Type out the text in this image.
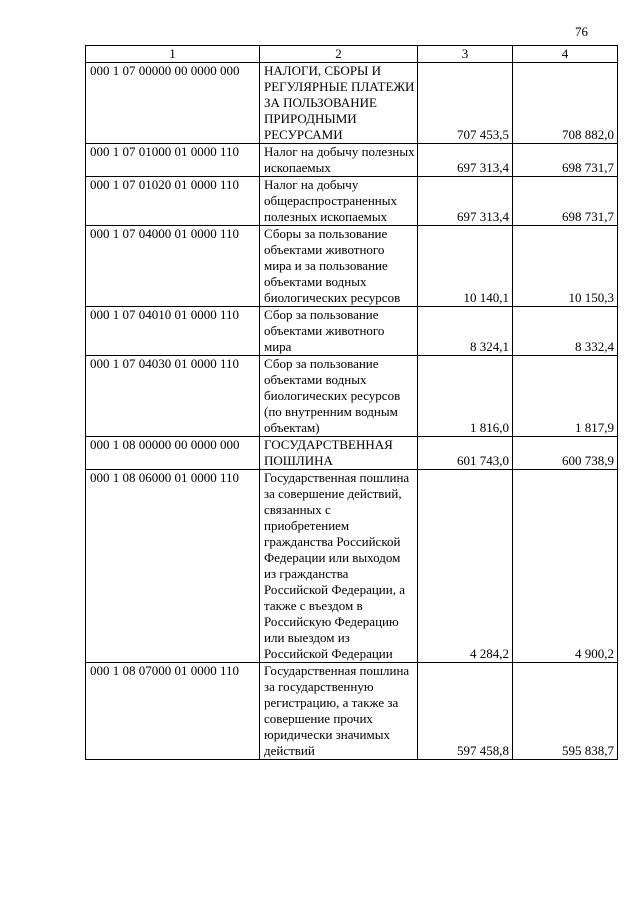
76
1	2	3	4
000 1 07 00000 00 0000 000	НАЛОГИ, СБОРЫ И РЕГУЛЯРНЫЕ ПЛАТЕЖИ ЗА ПОЛЬЗОВАНИЕ ПРИРОДНЫМИ РЕСУРСАМИ	707 453,5	708 882,0
000 1 07 01000 01 0000 110	Налог на добычу полезных ископаемых	697 313,4	698 731,7
000 1 07 01020 01 0000 110	Налог на добычу общераспространенных полезных ископаемых	697 313,4	698 731,7
000 1 07 04000 01 0000 110	Сборы за пользование объектами животного мира и за пользование объектами водных биологических ресурсов	10 140,1	10 150,3
000 1 07 04010 01 0000 110	Сбор за пользование объектами животного мира	8 324,1	8 332,4
000 1 07 04030 01 0000 110	Сбор за пользование объектами водных биологических ресурсов (по внутренним водным объектам)	1 816,0	1 817,9
000 1 08 00000 00 0000 000	ГОСУДАРСТВЕННАЯ ПОШЛИНА	601 743,0	600 738,9
000 1 08 06000 01 0000 110	Государственная пошлина за совершение действий, связанных с приобретением гражданства Российской Федерации или выходом из гражданства Российской Федерации, а также с въездом в Российскую Федерацию или выездом из Российской Федерации	4 284,2	4 900,2
000 1 08 07000 01 0000 110	Государственная пошлина за государственную регистрацию, а также за совершение прочих юридически значимых действий	597 458,8	595 838,7
